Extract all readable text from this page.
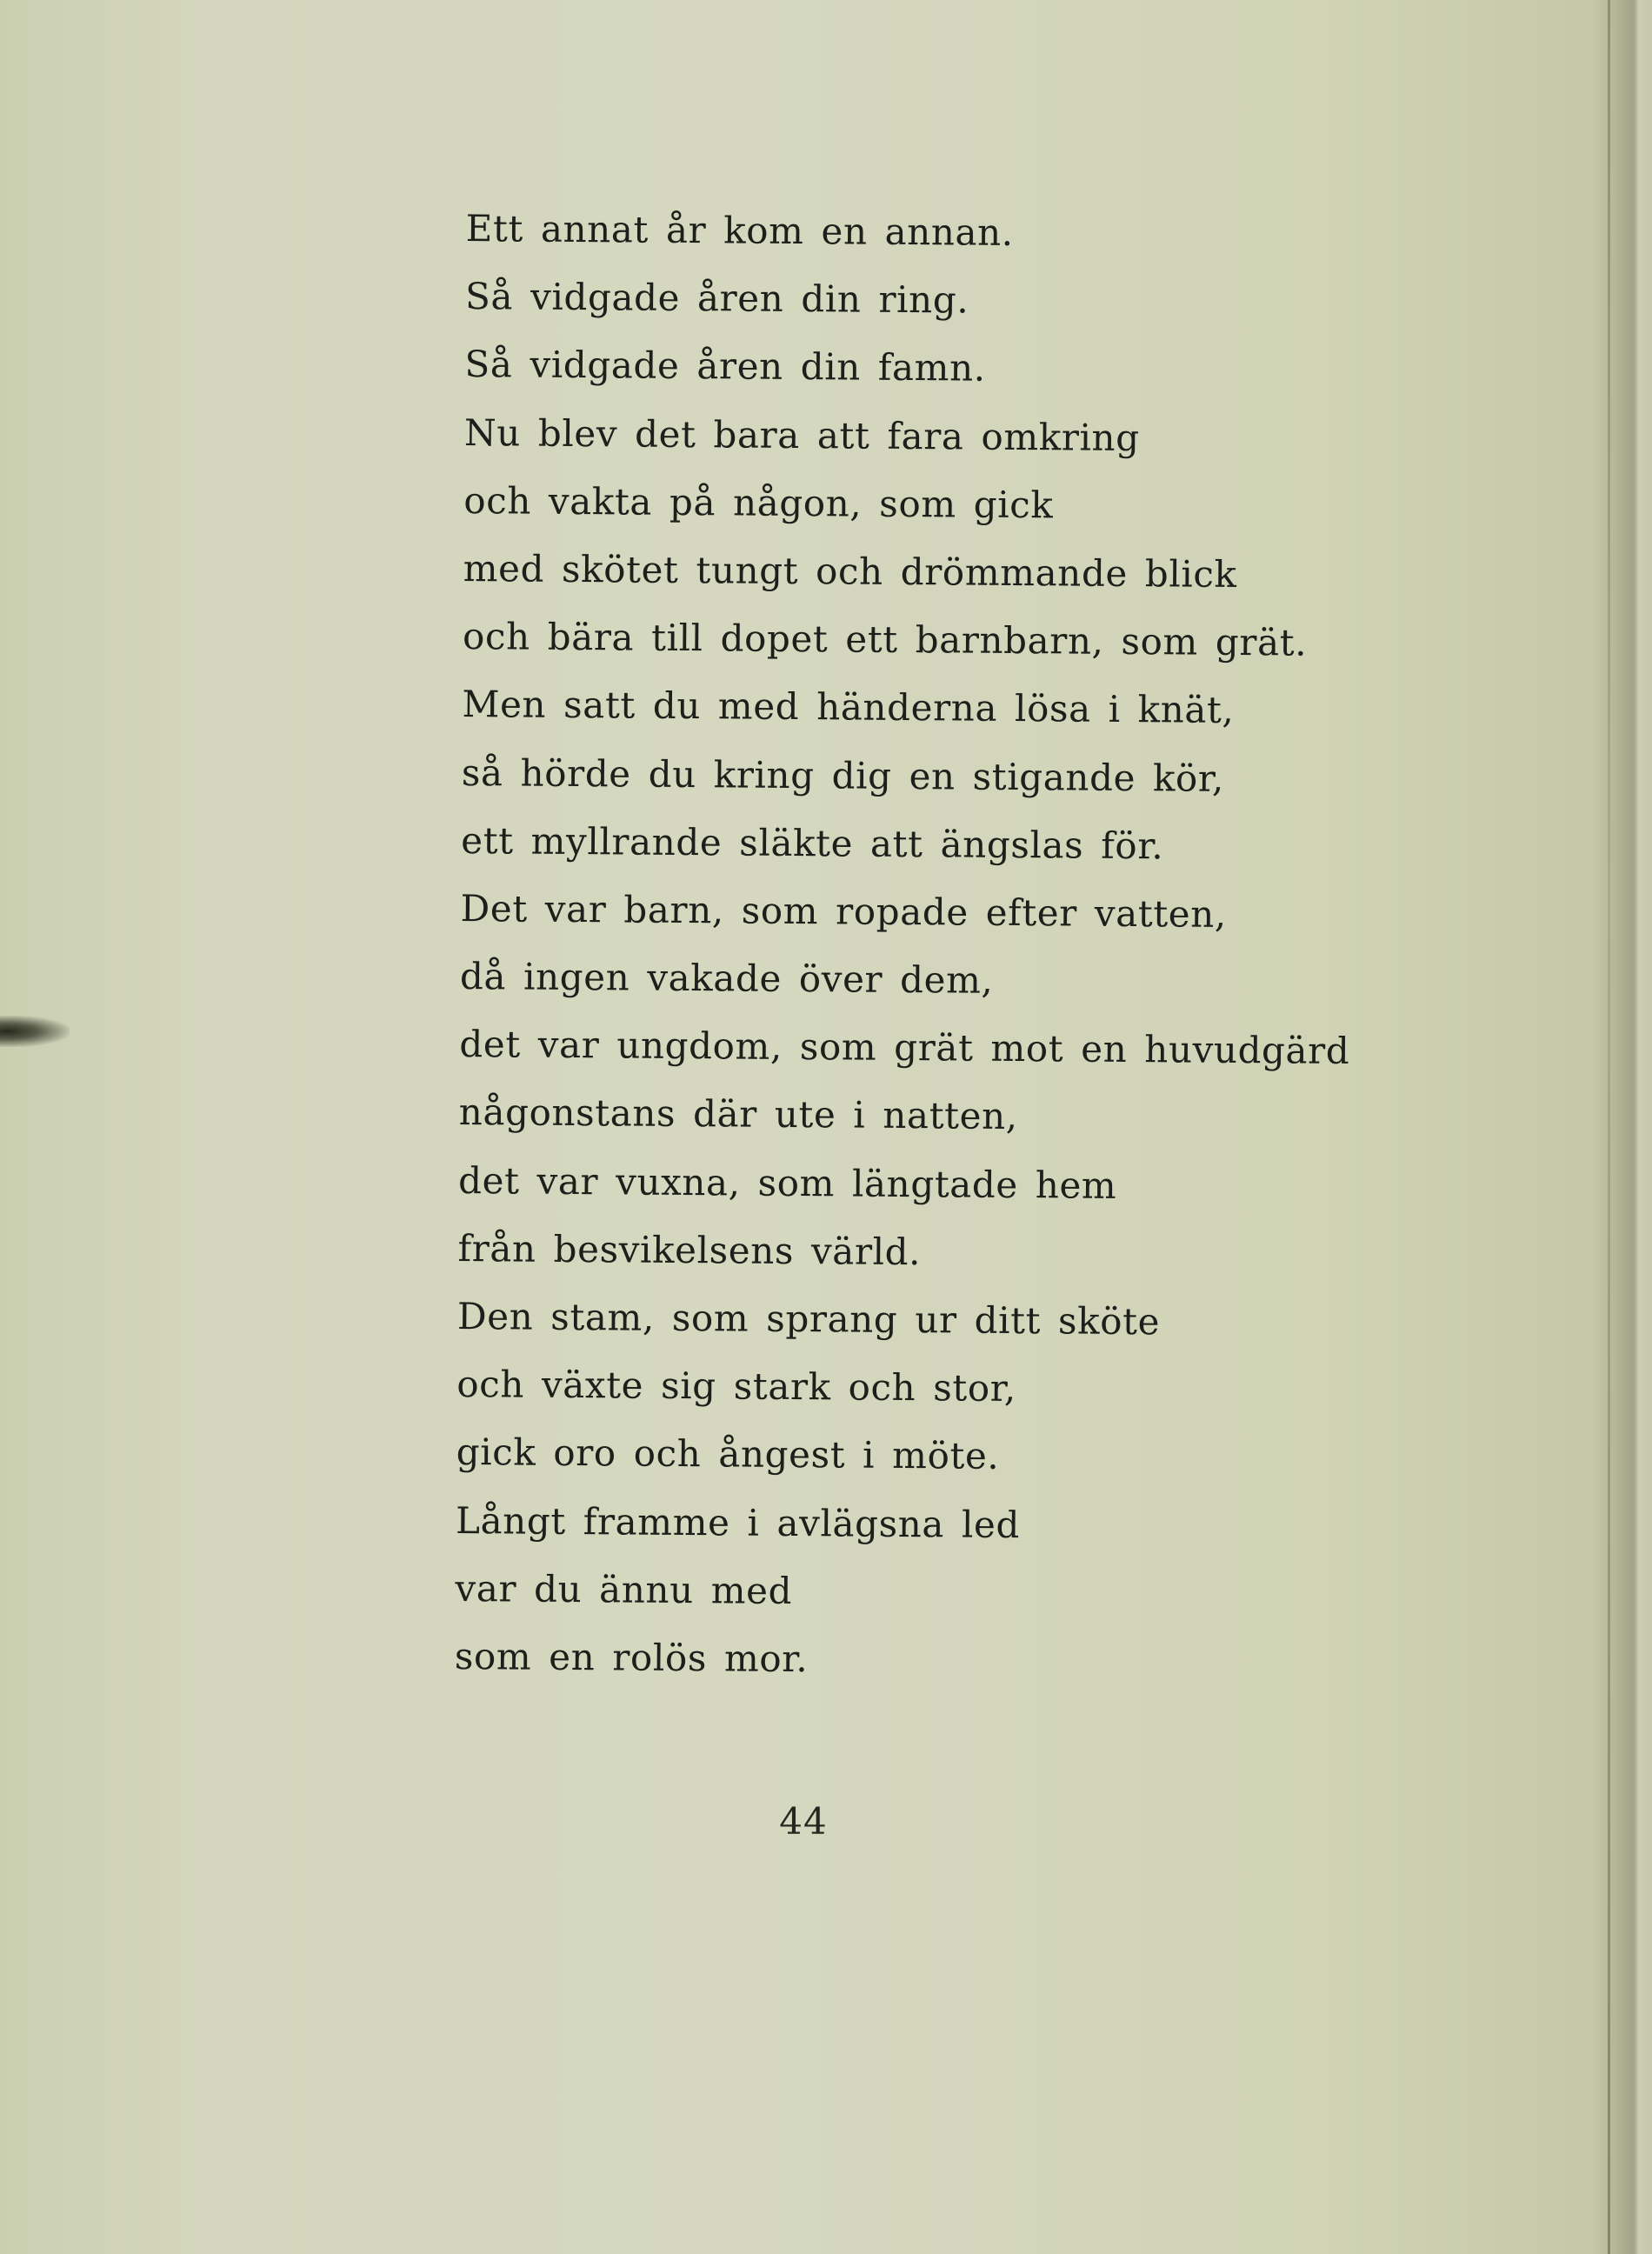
Ett annat år kom en annan.
Så vidgade åren din ring.
Så vidgade åren din famn.
Nu blev det bara att fara omkring
och vakta på någon, som gick
med skötet tungt och drömmande blick
och bära till dopet ett barnbarn, som grät.
Men satt du med händerna lösa i knät,
så hörde du kring dig en stigande kör,
ett myllrande släkte att ängslas för.
Det var barn, som ropade efter vatten,
då ingen vakade över dem,
det var ungdom, som grät mot en huvudgärd
någonstans där ute i natten,
det var vuxna, som längtade hem
från besvikelsens värld.
Den stam, som sprang ur ditt sköte
och växte sig stark och stor,
gick oro och ångest i möte.
Långt framme i avlägsna led
var du ännu med
som en rolös mor.
44
